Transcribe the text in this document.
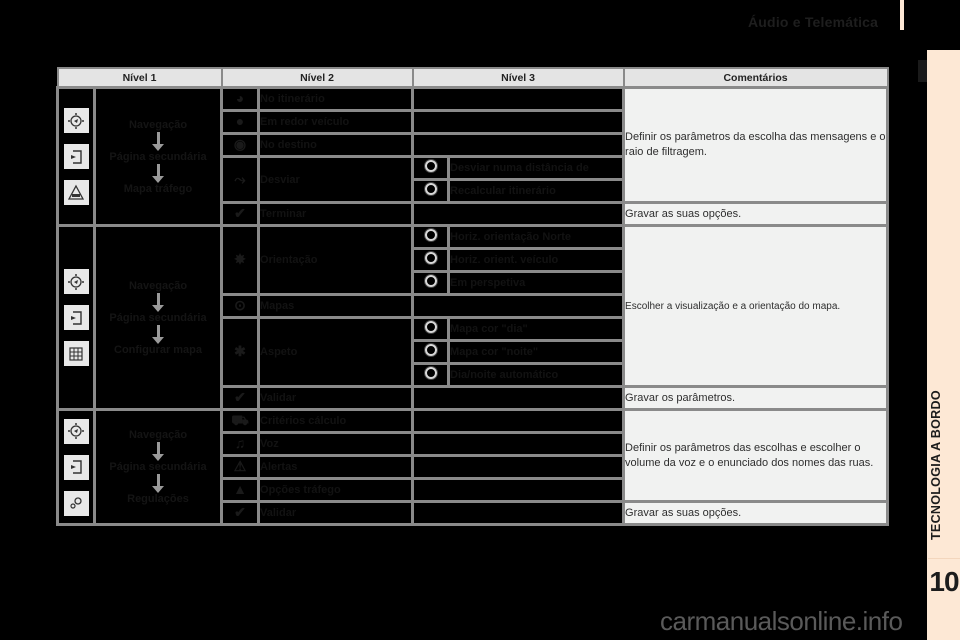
Áudio e Telemática
TECNOLOGIA A BORDO
10
carmanualsonline.info
Nível 1		Nível 2		Nível 3		Comentários

Navegação
Página secundária
Mapa tráfego	◕	No itinerário			Definir os parâmetros da escolha das mensagens e o raio de filtragem.
		●	Em redor veículo			
		◉	No destino			
		⤳	Desviar		Desviar numa distância de	
					Recalcular itinerário	
		✔	Terminar			Gravar as suas opções.

Navegação
Página secundária
Configurar mapa	✸	Orientação		Horiz. orientação Norte	Escolher a visualização e a orientação do mapa.
					Horiz. orient. veículo	
					Em perspetiva	
		⊙	Mapas			
		✱	Aspeto		Mapa cor "dia"	
					Mapa cor "noite"	
					Dia/noite automático	
		✔	Validar			Gravar os parâmetros.

Navegação
Página secundária
Regulações	⛟	Critérios cálculo			Definir os parâmetros das escolhas e escolher o volume da voz e o enunciado dos nomes das ruas.
		♫	Voz			
		⚠	Alertas			
		▲	Opções tráfego			
		✔	Validar			Gravar as suas opções.
